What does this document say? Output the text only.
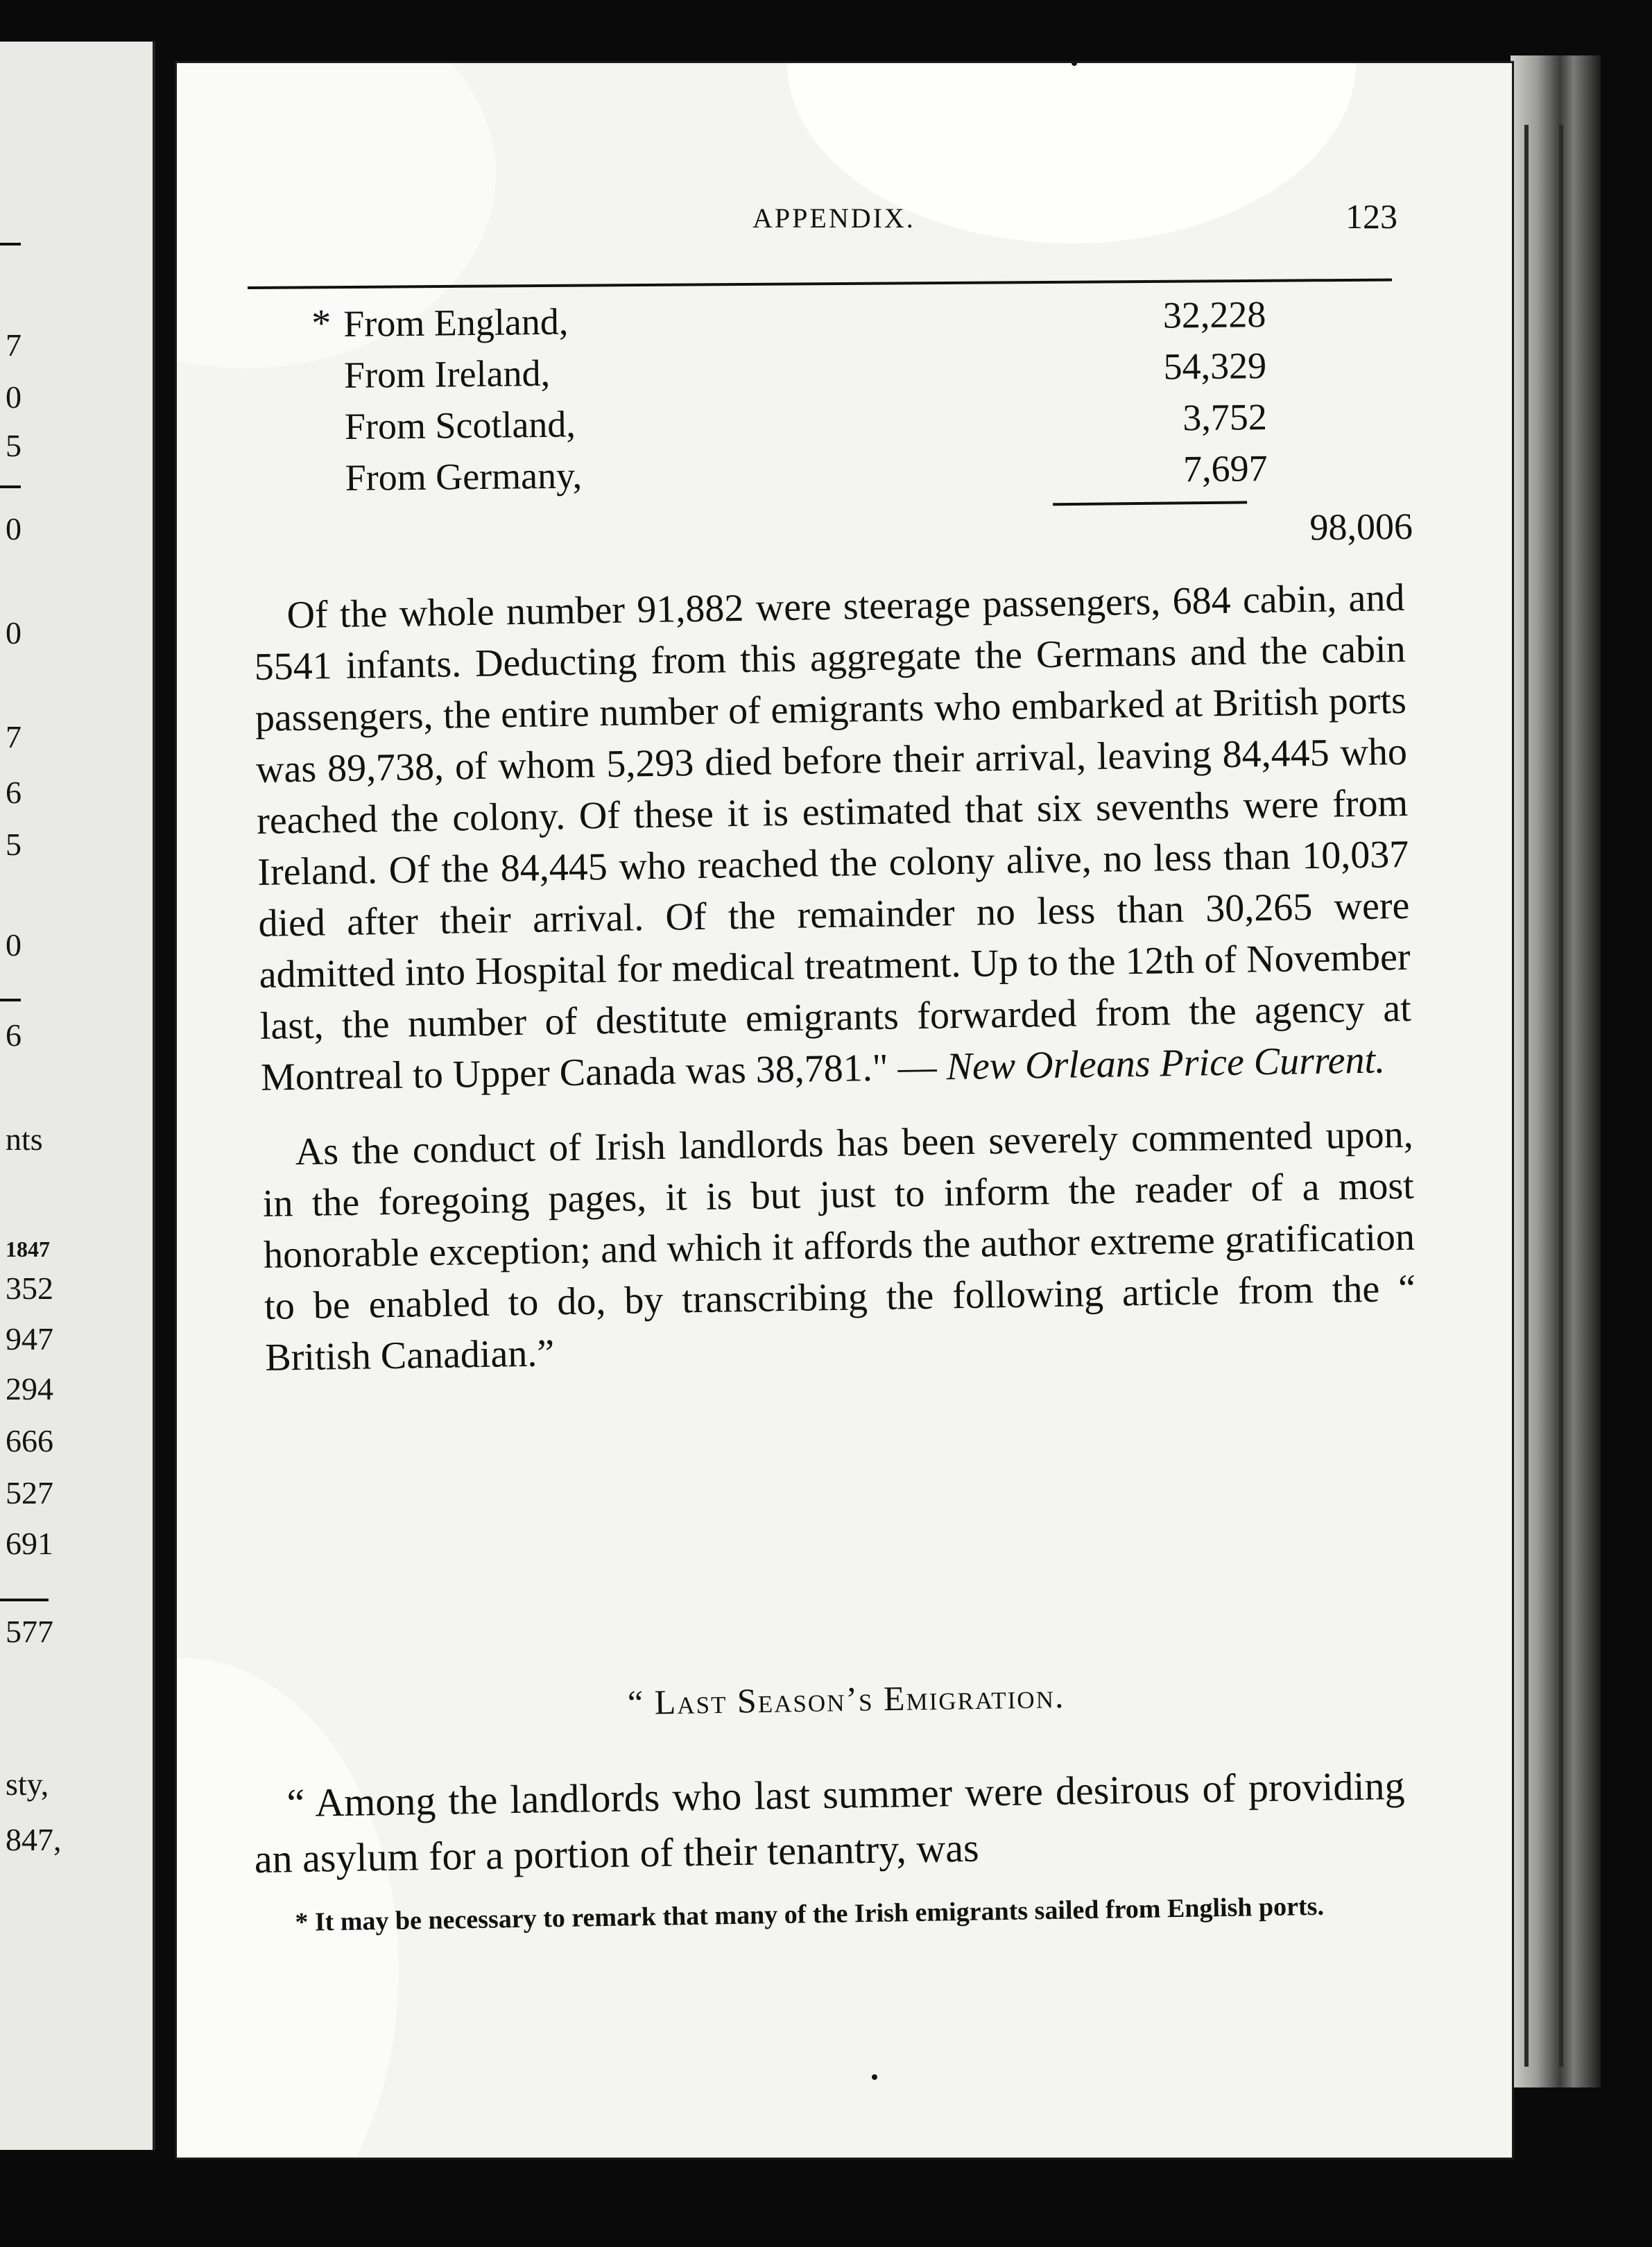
7
0
5
0
0
7
6
5
0
6
nts
1847
352
947
294
666
527
691
577
sty,
847,
APPENDIX.	123
* From England,	32,228
From Ireland,	54,329
From Scotland,	3,752
From Germany,	7,697
98,006

Of the whole number 91,882 were steerage passengers, 684 cabin, and 5541 infants. Deducting from this aggregate the Germans and the cabin passengers, the entire number of emigrants who embarked at British ports was 89,738, of whom 5,293 died before their arrival, leaving 84,445 who reached the colony. Of these it is estimated that six sevenths were from Ireland. Of the 84,445 who reached the colony alive, no less than 10,037 died after their arrival. Of the remainder no less than 30,265 were admitted into Hospital for medical treatment. Up to the 12th of November last, the number of destitute emigrants forwarded from the agency at Montreal to Upper Canada was 38,781." — New Orleans Price Current.

As the conduct of Irish landlords has been severely commented upon, in the foregoing pages, it is but just to inform the reader of a most honorable exception; and which it affords the author extreme gratification to be enabled to do, by transcribing the following article from the “ British Canadian.”

“ Last Season’s Emigration.
“ Among the landlords who last summer were desirous of providing an asylum for a portion of their tenantry, was
* It may be necessary to remark that many of the Irish emigrants sailed from English ports.
